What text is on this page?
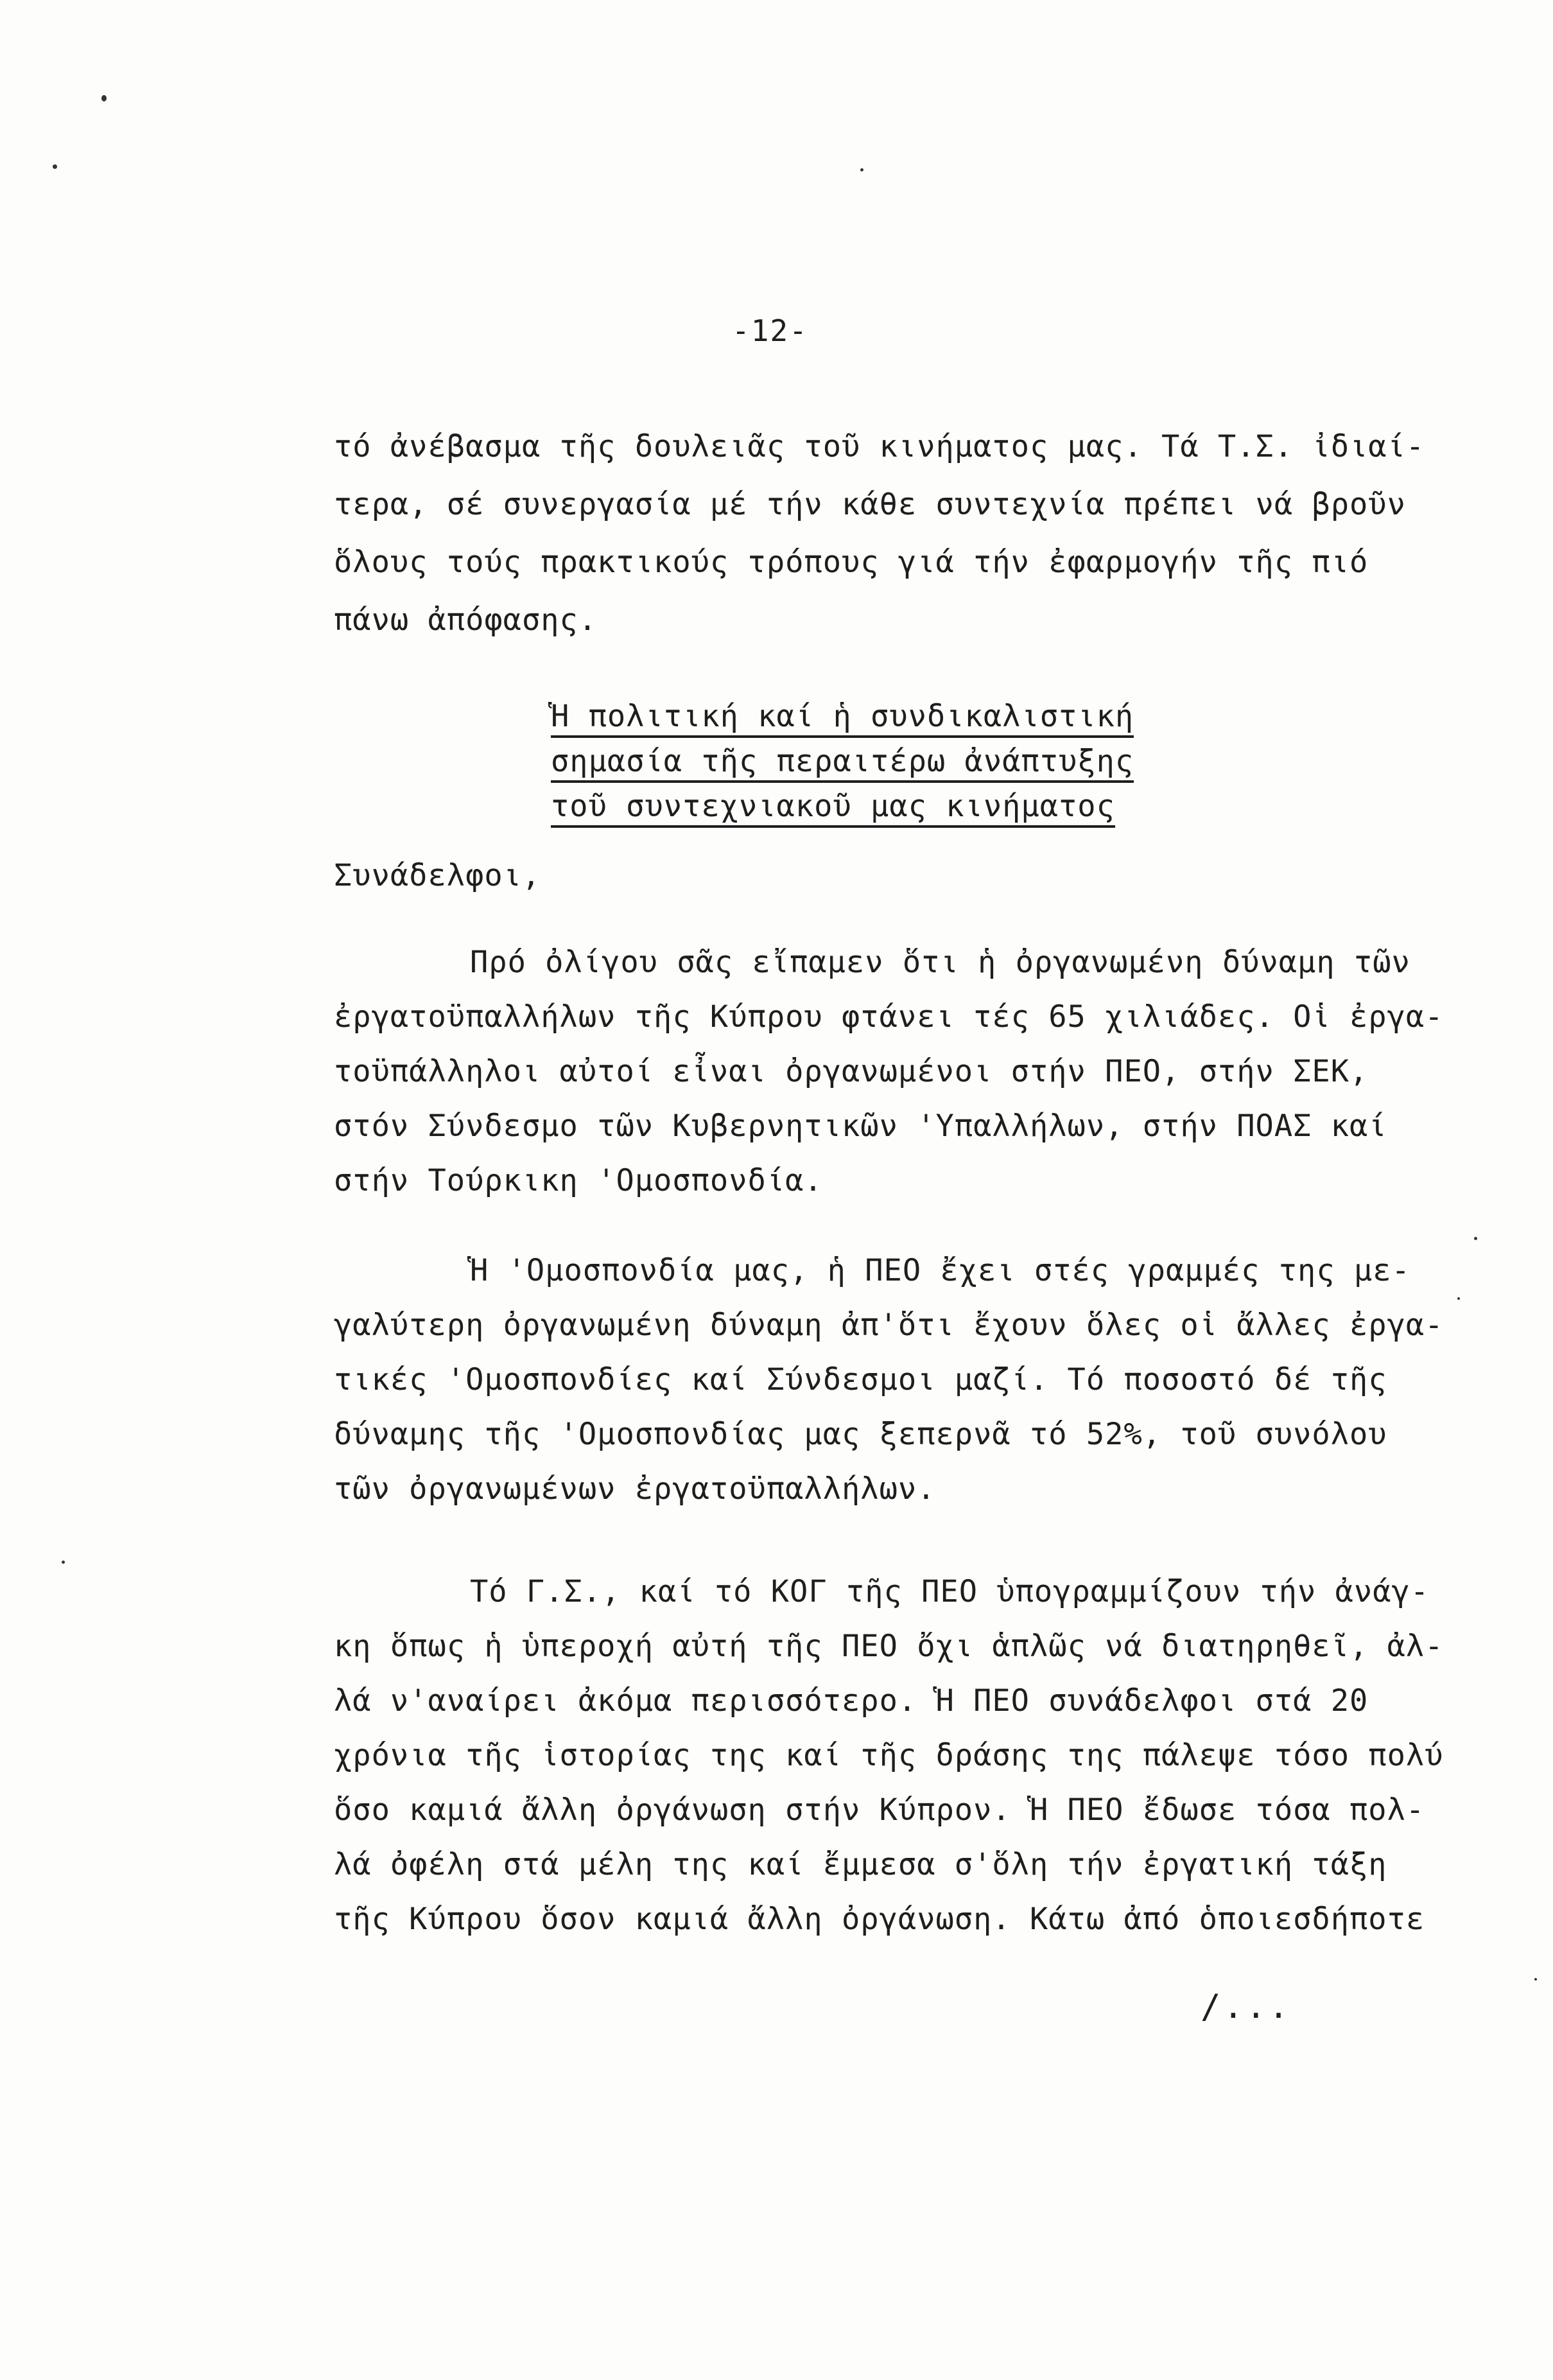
-12-
τό ἀνέβασμα τῆς δουλειᾶς τοῦ κινήματος μας. Τά Τ.Σ. ἰδιαί-
τερα, σέ συνεργασία μέ τήν κάθε συντεχνία πρέπει νά βροῦν
ὅλους τούς πρακτικούς τρόπους γιά τήν ἐφαρμογήν τῆς πιό
πάνω ἀπόφασης.
Ἡ πολιτική καί ἡ συνδικαλιστική
σημασία τῆς περαιτέρω ἀνάπτυξης
τοῦ συντεχνιακοῦ μας κινήματος
Συνάδελφοι,
Πρό ὀλίγου σᾶς εἴπαμεν ὅτι ἡ ὀργανωμένη δύναμη τῶν
ἐργατοϋπαλλήλων τῆς Κύπρου φτάνει τές 65 χιλιάδες. Οἱ ἐργα-
τοϋπάλληλοι αὐτοί εἶναι ὀργανωμένοι στήν ΠΕΟ, στήν ΣΕΚ,
στόν Σύνδεσμο τῶν Κυβερνητικῶν 'Υπαλλήλων, στήν ΠΟΑΣ καί
στήν Τούρκικη 'Ομοσπονδία.
Ἡ 'Ομοσπονδία μας, ἡ ΠΕΟ ἔχει στές γραμμές της με-
γαλύτερη ὀργανωμένη δύναμη ἀπ'ὅτι ἔχουν ὅλες οἱ ἄλλες ἐργα-
τικές 'Ομοσπονδίες καί Σύνδεσμοι μαζί. Τό ποσοστό δέ τῆς
δύναμης τῆς 'Ομοσπονδίας μας ξεπερνᾶ τό 52%, τοῦ συνόλου
τῶν ὀργανωμένων ἐργατοϋπαλλήλων.
Τό Γ.Σ., καί τό ΚΟΓ τῆς ΠΕΟ ὑπογραμμίζουν τήν ἀνάγ-
κη ὅπως ἡ ὑπεροχή αὐτή τῆς ΠΕΟ ὄχι ἁπλῶς νά διατηρηθεῖ, ἀλ-
λά ν'αναίρει ἀκόμα περισσότερο. Ἡ ΠΕΟ συνάδελφοι στά 20
χρόνια τῆς ἱστορίας της καί τῆς δράσης της πάλεψε τόσο πολύ
ὅσο καμιά ἄλλη ὀργάνωση στήν Κύπρον. Ἡ ΠΕΟ ἔδωσε τόσα πολ-
λά ὀφέλη στά μέλη της καί ἔμμεσα σ'ὅλη τήν ἐργατική τάξη
τῆς Κύπρου ὅσον καμιά ἄλλη ὀργάνωση. Κάτω ἀπό ὁποιεσδήποτε
/...
